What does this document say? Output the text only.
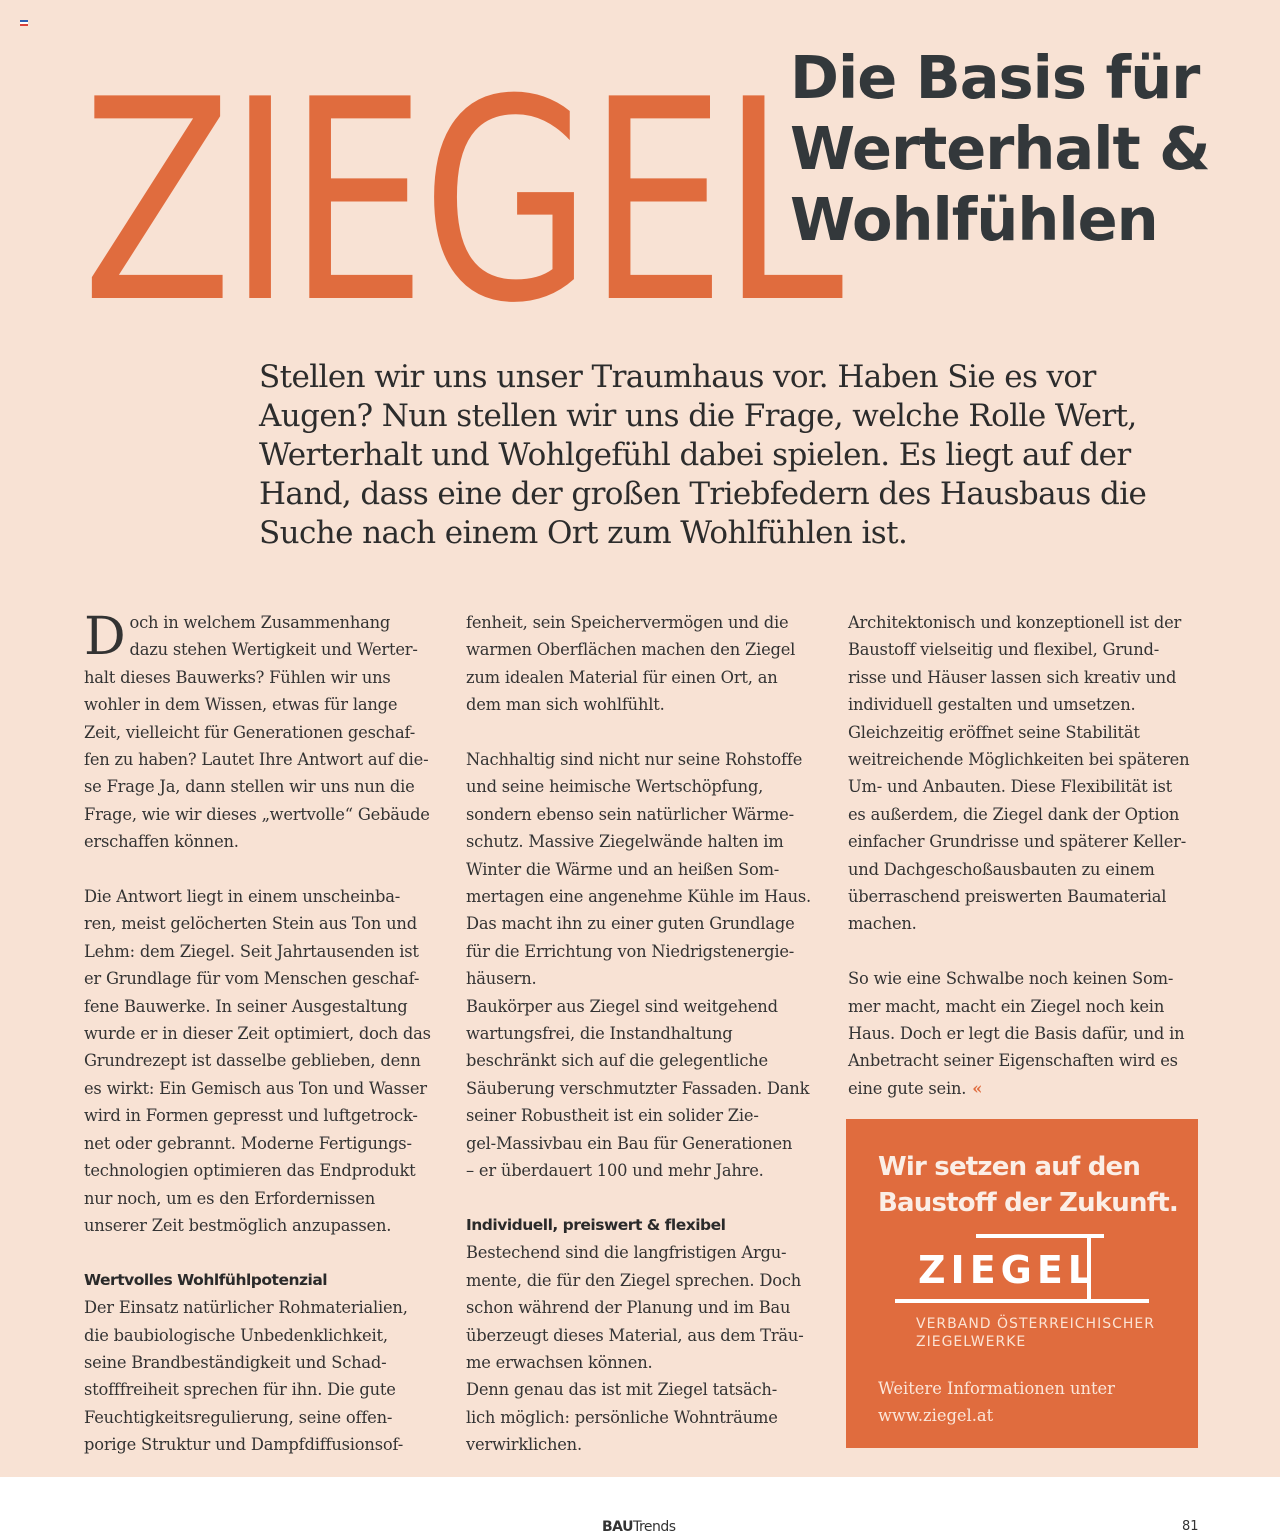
ZIEGEL
Die Basis für
Werterhalt &
Wohlfühlen
Stellen wir uns unser Traumhaus vor. Haben Sie es vor Augen? Nun stellen wir uns die Frage, welche Rolle Wert, Werterhalt und Wohlgefühl dabei spielen. Es liegt auf der Hand, dass eine der großen Triebfedern des Hausbaus die Suche nach einem Ort zum Wohlfühlen ist.
D och in welchem Zusammenhang
dazu stehen Wertigkeit und Werter-
halt dieses Bauwerks? Fühlen wir uns
wohler in dem Wissen, etwas für lange
Zeit, vielleicht für Generationen geschaf-
fen zu haben? Lautet Ihre Antwort auf die-
se Frage Ja, dann stellen wir uns nun die
Frage, wie wir dieses „wertvolle“ Gebäude
erschaffen können.
Die Antwort liegt in einem unscheinba-
ren, meist gelöcherten Stein aus Ton und
Lehm: dem Ziegel. Seit Jahrtausenden ist
er Grundlage für vom Menschen geschaf-
fene Bauwerke. In seiner Ausgestaltung
wurde er in dieser Zeit optimiert, doch das
Grundrezept ist dasselbe geblieben, denn
es wirkt: Ein Gemisch aus Ton und Wasser
wird in Formen gepresst und luftgetrock-
net oder gebrannt. Moderne Fertigungs-
technologien optimieren das Endprodukt
nur noch, um es den Erfordernissen
unserer Zeit bestmöglich anzupassen.
Wertvolles Wohlfühlpotenzial
Der Einsatz natürlicher Rohmaterialien,
die baubiologische Unbedenklichkeit,
seine Brandbeständigkeit und Schad-
stofffreiheit sprechen für ihn. Die gute
Feuchtigkeitsregulierung, seine offen-
porige Struktur und Dampfdiffusionsof-
fenheit, sein Speichervermögen und die
warmen Oberflächen machen den Ziegel
zum idealen Material für einen Ort, an
dem man sich wohlfühlt.
Nachhaltig sind nicht nur seine Rohstoffe
und seine heimische Wertschöpfung,
sondern ebenso sein natürlicher Wärme-
schutz. Massive Ziegelwände halten im
Winter die Wärme und an heißen Som-
mertagen eine angenehme Kühle im Haus.
Das macht ihn zu einer guten Grundlage
für die Errichtung von Niedrigstenergie-
häusern.
Baukörper aus Ziegel sind weitgehend
wartungsfrei, die Instandhaltung
beschränkt sich auf die gelegentliche
Säuberung verschmutzter Fassaden. Dank
seiner Robustheit ist ein solider Zie-
gel-Massivbau ein Bau für Generationen
– er überdauert 100 und mehr Jahre.
Individuell, preiswert & flexibel
Bestechend sind die langfristigen Argu-
mente, die für den Ziegel sprechen. Doch
schon während der Planung und im Bau
überzeugt dieses Material, aus dem Träu-
me erwachsen können.
Denn genau das ist mit Ziegel tatsäch-
lich möglich: persönliche Wohnträume
verwirklichen.
Architektonisch und konzeptionell ist der
Baustoff vielseitig und flexibel, Grund-
risse und Häuser lassen sich kreativ und
individuell gestalten und umsetzen.
Gleichzeitig eröffnet seine Stabilität
weitreichende Möglichkeiten bei späteren
Um- und Anbauten. Diese Flexibilität ist
es außerdem, die Ziegel dank der Option
einfacher Grundrisse und späterer Keller-
und Dachgeschoßausbauten zu einem
überraschend preiswerten Baumaterial
machen.
So wie eine Schwalbe noch keinen Som-
mer macht, macht ein Ziegel noch kein
Haus. Doch er legt die Basis dafür, und in
Anbetracht seiner Eigenschaften wird es
eine gute sein. «
Wir setzen auf den
Baustoff der Zukunft.
ZIEGEL
VERBAND ÖSTERREICHISCHER
ZIEGELWERKE
Weitere Informationen unter
www.ziegel.at
BAUTrends	81
